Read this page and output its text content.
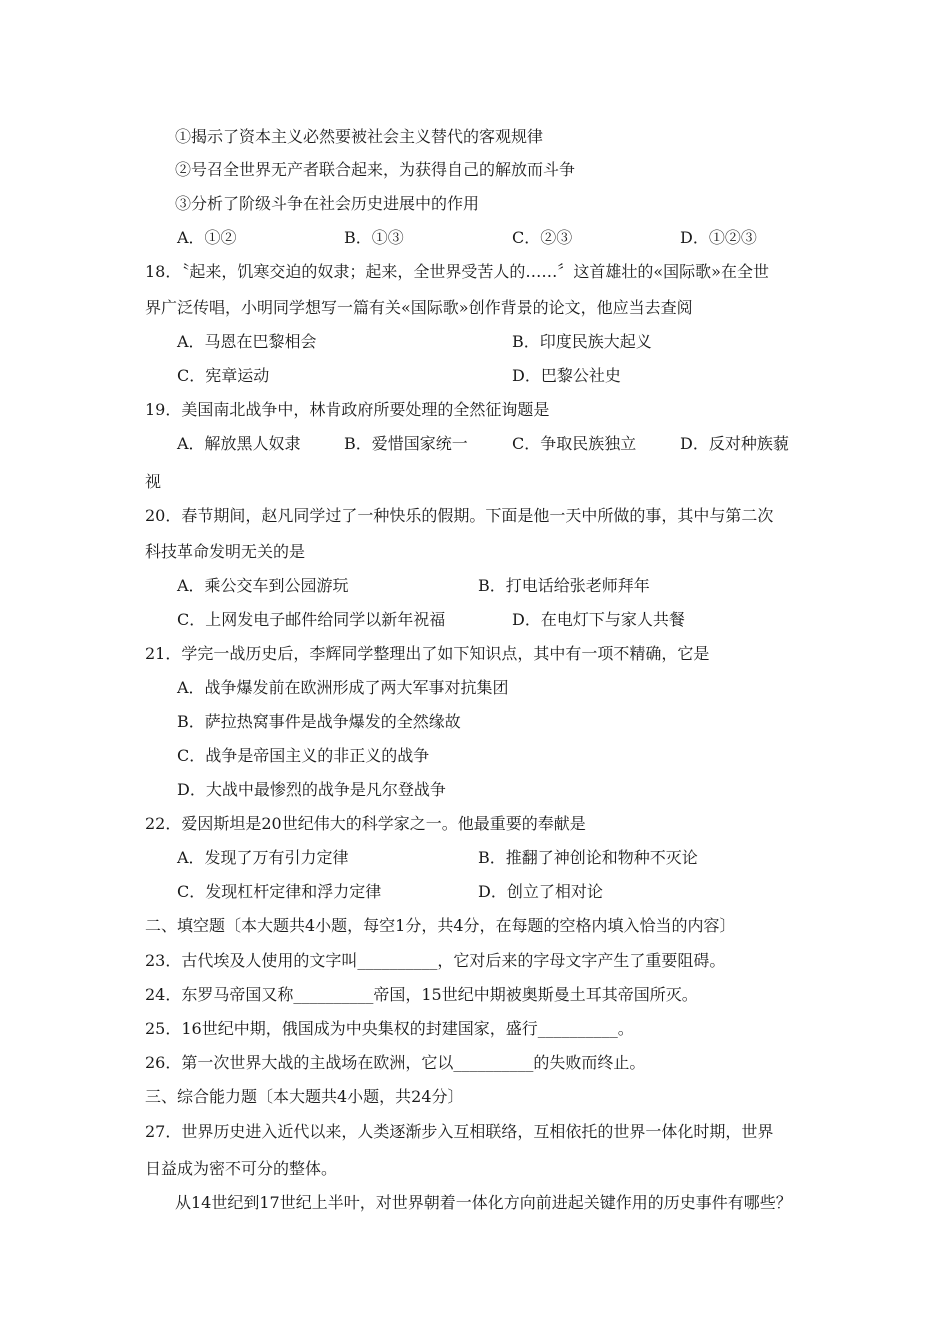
①揭示了资本主义必然要被社会主义替代的客观规律
②号召全世界无产者联合起来，为获得自己的解放而斗争
③分析了阶级斗争在社会历史进展中的作用
A．①②	B．①③	C．②③	D．①②③
18．〝起来，饥寒交迫的奴隶；起来，全世界受苦人的……〞这首雄壮的«国际歌»在全世
界广泛传唱，小明同学想写一篇有关«国际歌»创作背景的论文，他应当去查阅
A．马恩在巴黎相会	B．印度民族大起义
C．宪章运动	D．巴黎公社史
19．美国南北战争中，林肯政府所要处理的全然征询题是
A．解放黑人奴隶	B．爱惜国家统一	C．争取民族独立	D．反对种族藐
视
20．春节期间，赵凡同学过了一种快乐的假期。下面是他一天中所做的事，其中与第二次
科技革命发明无关的是
A．乘公交车到公园游玩	B．打电话给张老师拜年
C．上网发电子邮件给同学以新年祝福	D．在电灯下与家人共餐
21．学完一战历史后，李辉同学整理出了如下知识点，其中有一项不精确，它是
A．战争爆发前在欧洲形成了两大军事对抗集团
B．萨拉热窝事件是战争爆发的全然缘故
C．战争是帝国主义的非正义的战争
D．大战中最惨烈的战争是凡尔登战争
22．爱因斯坦是20世纪伟大的科学家之一。他最重要的奉献是
A．发现了万有引力定律	B．推翻了神创论和物种不灭论
C．发现杠杆定律和浮力定律	D．创立了相对论
二、填空题〔本大题共4小题，每空1分，共4分，在每题的空格内填入恰当的内容〕
23．古代埃及人使用的文字叫__________，它对后来的字母文字产生了重要阻碍。
24．东罗马帝国又称__________帝国，15世纪中期被奥斯曼土耳其帝国所灭。
25．16世纪中期，俄国成为中央集权的封建国家，盛行__________。
26．第一次世界大战的主战场在欧洲，它以__________的失败而终止。
三、综合能力题〔本大题共4小题，共24分〕
27．世界历史进入近代以来，人类逐渐步入互相联络，互相依托的世界一体化时期，世界
日益成为密不可分的整体。
从14世纪到17世纪上半叶，对世界朝着一体化方向前进起关键作用的历史事件有哪些？
